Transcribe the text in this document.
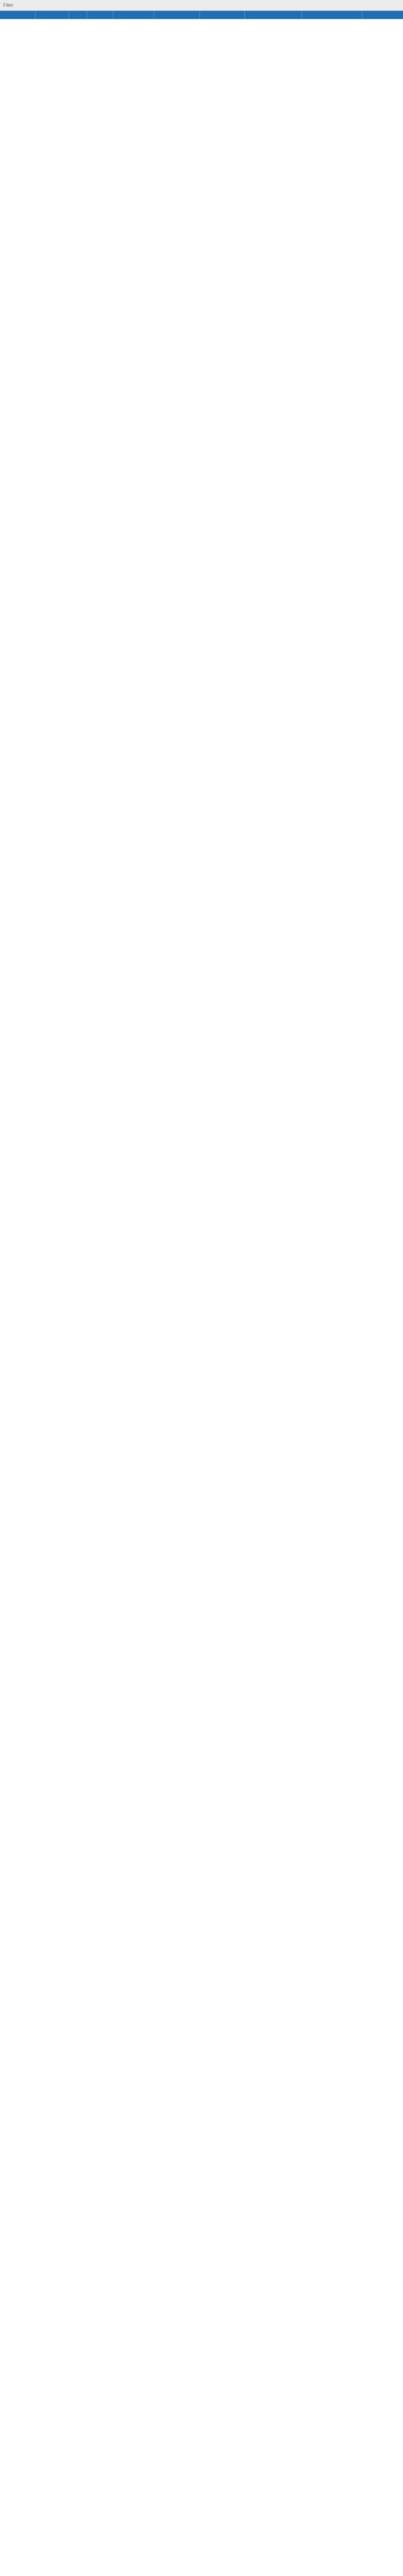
Filter
